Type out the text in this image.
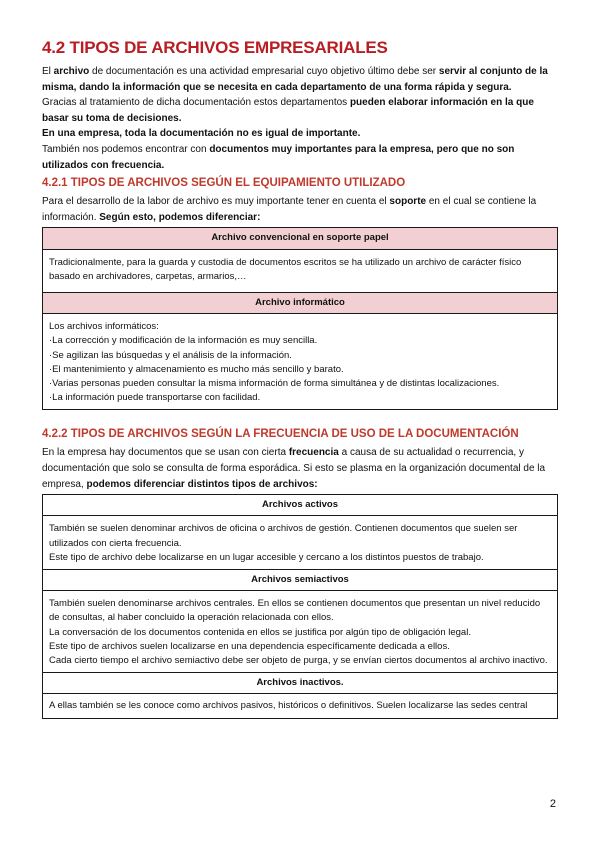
4.2 TIPOS DE ARCHIVOS EMPRESARIALES

El archivo de documentación es una actividad empresarial cuyo objetivo último debe ser servir al conjunto de la misma, dando la información que se necesita en cada departamento de una forma rápida y segura.

Gracias al tratamiento de dicha documentación estos departamentos pueden elaborar información en la que basar su toma de decisiones.

En una empresa, toda la documentación no es igual de importante.

También nos podemos encontrar con documentos muy importantes para la empresa, pero que no son utilizados con frecuencia.

4.2.1 TIPOS DE ARCHIVOS SEGÚN EL EQUIPAMIENTO UTILIZADO

Para el desarrollo de la labor de archivo es muy importante tener en cuenta el soporte en el cual se contiene la información. Según esto, podemos diferenciar:

Archivo convencional en soporte papel
Tradicionalmente, para la guarda y custodia de documentos escritos se ha utilizado un archivo de carácter físico basado en archivadores, carpetas, armarios,…
Archivo informático

Los archivos informáticos:
·La corrección y modificación de la información es muy sencilla.
·Se agilizan las búsquedas y el análisis de la información.
·El mantenimiento y almacenamiento es mucho más sencillo y barato.
·Varias personas pueden consultar la misma información de forma simultánea y de distintas localizaciones.
·La información puede transportarse con facilidad.
4.2.2 TIPOS DE ARCHIVOS SEGÚN LA FRECUENCIA DE USO DE LA DOCUMENTACIÓN

En la empresa hay documentos que se usan con cierta frecuencia a causa de su actualidad o recurrencia, y documentación que solo se consulta de forma esporádica. Si esto se plasma en la organización documental de la empresa, podemos diferenciar distintos tipos de archivos:

Archivos activos

También se suelen denominar archivos de oficina o archivos de gestión. Contienen documentos que suelen ser utilizados con cierta frecuencia.
Este tipo de archivo debe localizarse en un lugar accesible y cercano a los distintos puestos de trabajo.

Archivos semiactivos

También suelen denominarse archivos centrales. En ellos se contienen documentos que presentan un nivel reducido de consultas, al haber concluido la operación relacionada con ellos.
La conversación de los documentos contenida en ellos se justifica por algún tipo de obligación legal.
Este tipo de archivos suelen localizarse en una dependencia específicamente dedicada a ellos.
Cada cierto tiempo el archivo semiactivo debe ser objeto de purga, y se envían ciertos documentos al archivo inactivo.

Archivos inactivos.
A ellas también se les conoce como archivos pasivos, históricos o definitivos. Suelen localizarse las sedes central
2
